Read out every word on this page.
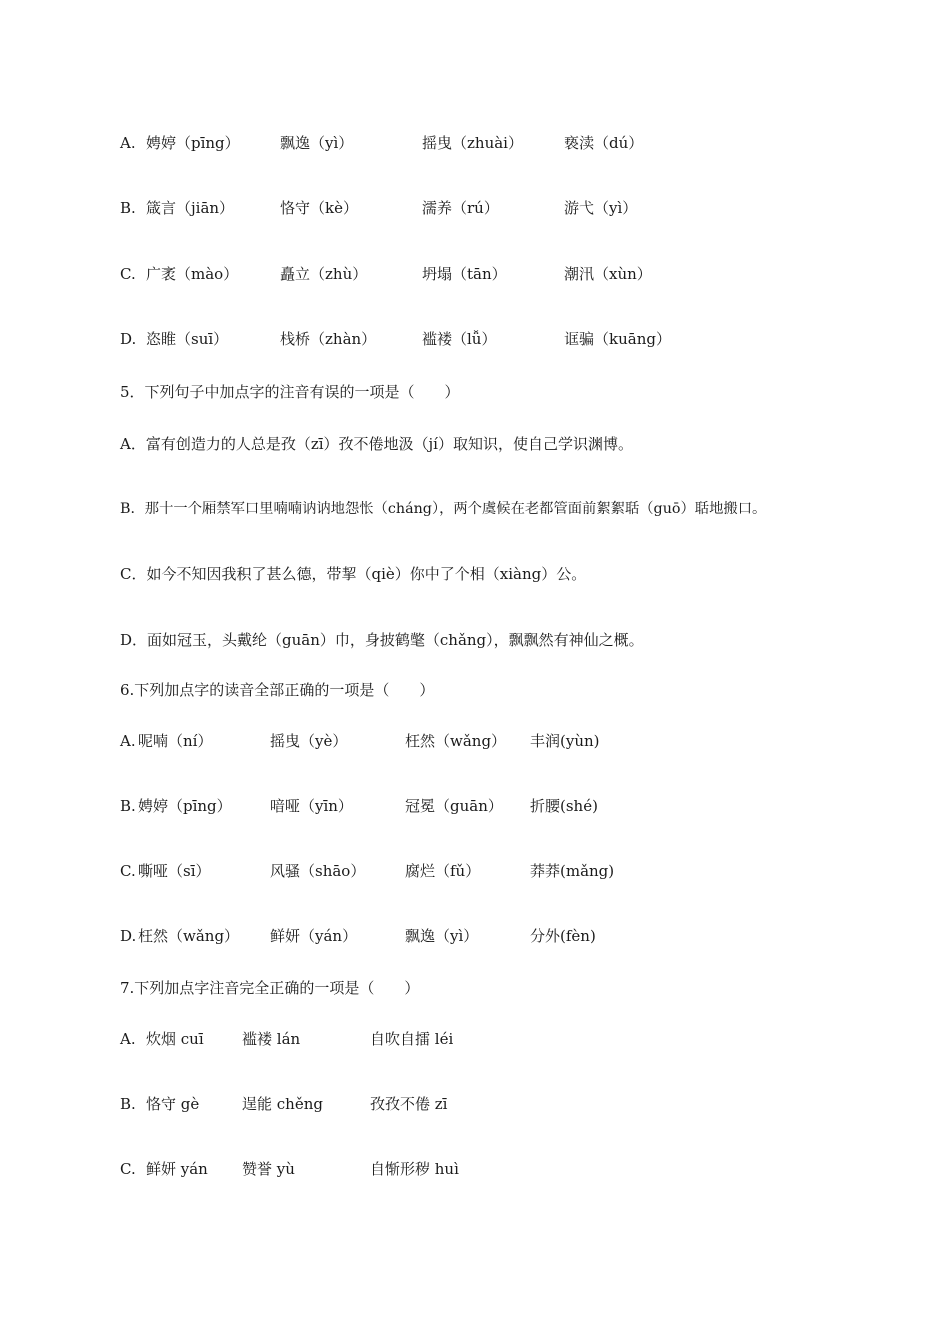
A. 娉婷（pīng）	飘逸（yì）	摇曳（zhuài）	亵渎（dú）
B. 箴言（jiān）	恪守（kè）	濡养（rú）	游弋（yì）
C. 广袤（mào）	矗立（zhù）	坍塌（tān）	潮汛（xùn）
D. 恣睢（suī）	栈桥（zhàn）	褴褛（lǚ）	诓骗（kuāng）
5．下列句子中加点字的注音有误的一项是（　　）
A．富有创造力的人总是孜（zī）孜不倦地汲（jí）取知识，使自己学识渊博。
B．那十一个厢禁军口里喃喃讷讷地怨怅（cháng），两个虞候在老都管面前絮絮聒（guō）聒地搬口。
C．如今不知因我积了甚么德，带挈（qiè）你中了个相（xiàng）公。
D．面如冠玉，头戴纶（guān）巾，身披鹤氅（chǎng），飘飘然有神仙之概。
6.下列加点字的读音全部正确的一项是（　　）
A. 呢喃（ní）	摇曳（yè）	枉然（wǎng） 丰润(yùn)
B. 娉婷（pīng）	喑哑（yīn）	冠冕（guān） 折腰(shé)
C. 嘶哑（sī）	风骚（shāo）	腐烂（fǔ）	莽莽(mǎng)
D. 枉然（wǎng） 鲜妍（yán）	飘逸（yì）	分外(fèn)
7.下列加点字注音完全正确的一项是（　　）
A. 炊烟 cuī	褴褛 lán	自吹自擂 léi
B. 恪守 gè	逞能 chěng	孜孜不倦 zī
C. 鲜妍 yán 赞誉 yù	自惭形秽 huì
